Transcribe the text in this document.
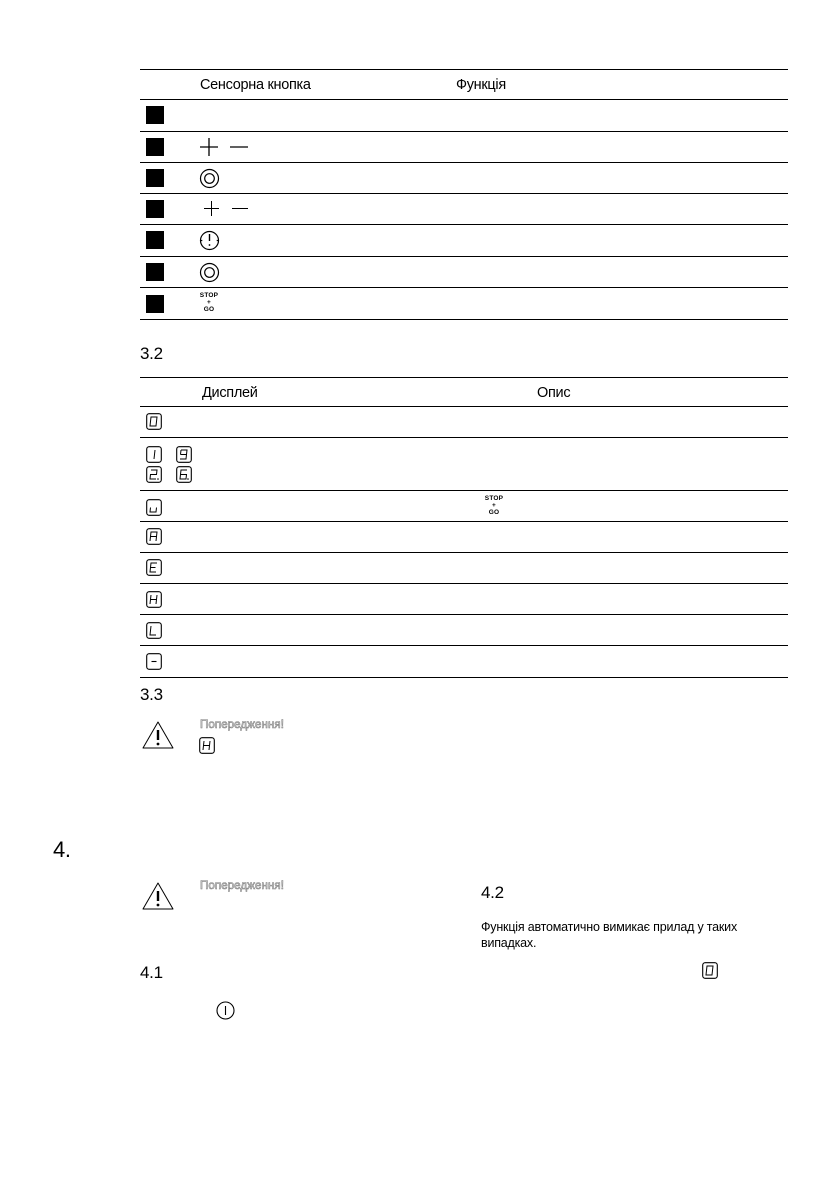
Сенсорна кнопка	Функція
STOP
+
GO
3.2
Дисплей	Опис
STOP
+
GO
3.3
Попередження!
4.
Попередження!
4.1
4.2
Функція автоматично вимикає прилад у таких
випадках.
